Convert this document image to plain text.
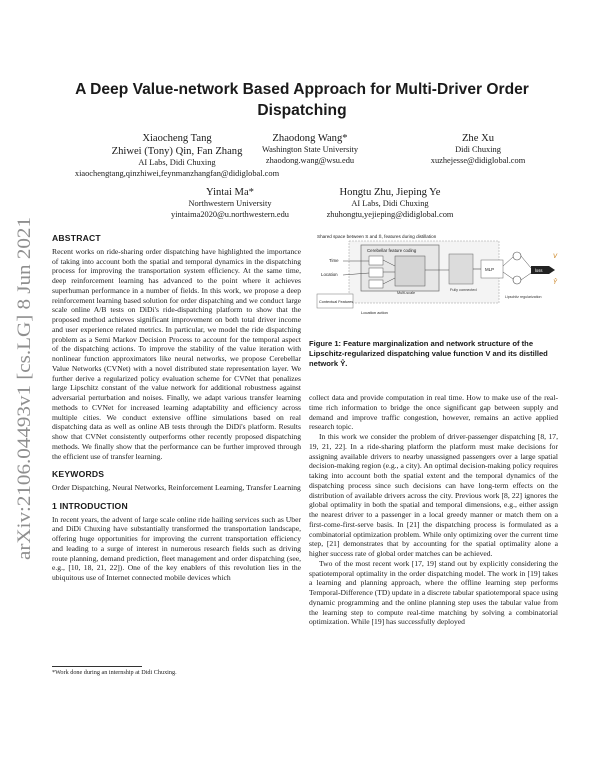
arXiv:2106.04493v1 [cs.LG] 8 Jun 2021
A Deep Value-network Based Approach for Multi-Driver Order Dispatching
Xiaocheng Tang
Zhiwei (Tony) Qin, Fan Zhang
AI Labs, Didi Chuxing
xiaochengtang,qinzhiwei,feynmanzhangfan@didiglobal.com
Zhaodong Wang*
Washington State University
zhaodong.wang@wsu.edu
Zhe Xu
Didi Chuxing
xuzhejesse@didiglobal.com
Yintai Ma*
Northwestern University
yintaima2020@u.northwestern.edu
Hongtu Zhu, Jieping Ye
AI Labs, Didi Chuxing
zhuhongtu,yejieping@didiglobal.com
ABSTRACT

Recent works on ride-sharing order dispatching have highlighted the importance of taking into account both the spatial and temporal dynamics in the dispatching process for improving the transportation system efficiency. At the same time, deep reinforcement learning has advanced to the point where it achieves superhuman performance in a number of fields. In this work, we propose a deep reinforcement learning based solution for order dispatching and we conduct large scale online A/B tests on DiDi's ride-dispatching platform to show that the proposed method achieves significant improvement on both total driver income and user experience related metrics. In particular, we model the ride dispatching problem as a Semi Markov Decision Process to account for the temporal aspect of the dispatching actions. To improve the stability of the value iteration with nonlinear function approximators like neural networks, we propose Cerebellar Value Networks (CVNet) with a novel distributed state representation layer. We further derive a regularized policy evaluation scheme for CVNet that penalizes large Lipschitz constant of the value network for additional robustness against adversarial perturbation and noises. Finally, we adapt various transfer learning methods to CVNet for increased learning adaptability and efficiency across multiple cities. We conduct extensive offline simulations based on real dispatching data as well as online AB tests through the DiDi's platform. Results show that CVNet consistently outperforms other recently proposed dispatching methods. We finally show that the performance can be further improved through the efficient use of transfer learning.

KEYWORDS

Order Dispatching, Neural Networks, Reinforcement Learning, Transfer Learning

1 INTRODUCTION

In recent years, the advent of large scale online ride hailing services such as Uber and DiDi Chuxing have substantially transformed the transportation landscape, offering huge opportunities for improving the current transportation efficiency and leading to a surge of interest in numerous research fields such as driving route planning, demand prediction, fleet management and order dispatching (see, e.g., [10, 18, 21, 22]). One of the key enablers of this revolution lies in the ubiquitous use of Internet connected mobile devices which

*Work done during an internship at Didi Chuxing.
Shared space between S and Ŝ, features during distillation
Cerebellar feature coding
Multi-scale
Time
Location
Contextual Features
Location action
Fully connected
MLP	loss
V
Ŷ
Lipschitz regularization
Figure 1: Feature marginalization and network structure of the Lipschitz-regularized dispatching value function V and its distilled network Ŷ.

collect data and provide computation in real time. How to make use of the real-time rich information to bridge the once significant gap between supply and demand and improve traffic congestion, however, remains an active applied research topic.

In this work we consider the problem of driver-passenger dispatching [8, 17, 19, 21, 22]. In a ride-sharing platform the platform must make decisions for assigning available drivers to nearby unassigned passengers over a large spatial decision-making region (e.g., a city). An optimal decision-making policy requires taking into account both the spatial extent and the temporal dynamics of the dispatching process since such decisions can have long-term effects on the distribution of available drivers across the city. Previous work [8, 22] ignores the global optimality in both the spatial and temporal dimensions, e.g., either assign the nearest driver to a passenger in a local greedy manner or match them on a first-come-first-serve basis. In [21] the dispatching process is formulated as a combinatorial optimization problem. While only optimizing over the current time step, [21] demonstrates that by accounting for the spatial optimality alone a higher success rate of global order matches can be achieved.

Two of the most recent work [17, 19] stand out by explicitly considering the spatiotemporal optimality in the order dispatching model. The work in [19] takes a learning and planning approach, where the offline learning step performs Temporal-Difference (TD) update in a discrete tabular spatiotemporal space using dynamic programming and the online planning step uses the tabular value from the learning step to compute real-time matching by solving a combinatorial optimization. While [19] has successfully deployed
